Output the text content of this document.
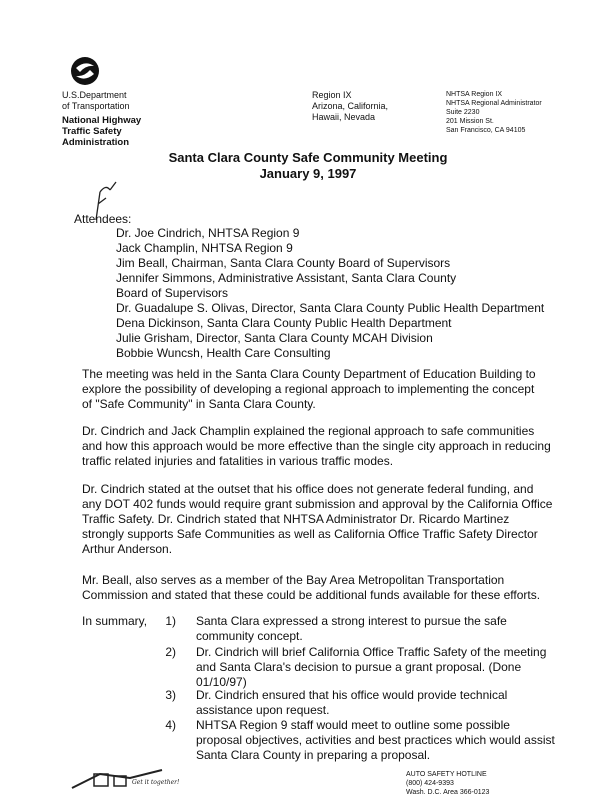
U.S.Department
of Transportation
National Highway
Traffic Safety
Administration
Region IX
Arizona, California,
Hawaii, Nevada
NHTSA Region IX
NHTSA Regional Administrator
Suite 2230
201 Mission St.
San Francisco, CA 94105
Santa Clara County Safe Community Meeting
January 9, 1997
Attendees:
Dr. Joe Cindrich, NHTSA Region 9
Jack Champlin, NHTSA Region 9
Jim Beall, Chairman, Santa Clara County Board of Supervisors
Jennifer Simmons, Administrative Assistant, Santa Clara County
Board of Supervisors
Dr. Guadalupe S. Olivas, Director, Santa Clara County Public Health Department
Dena Dickinson, Santa Clara County Public Health Department
Julie Grisham, Director, Santa Clara County MCAH Division
Bobbie Wuncsh, Health Care Consulting
The meeting was held in the Santa Clara County Department of Education Building to
explore the possibility of developing a regional approach to implementing the concept
of "Safe Community" in Santa Clara County.
Dr. Cindrich and Jack Champlin explained the regional approach to safe communities
and how this approach would be more effective than the single city approach in reducing
traffic related injuries and fatalities in various traffic modes.
Dr. Cindrich stated at the outset that his office does not generate federal funding, and
any DOT 402 funds would require grant submission and approval by the California Office
Traffic Safety. Dr. Cindrich stated that NHTSA Administrator Dr. Ricardo Martinez
strongly supports Safe Communities as well as California Office Traffic Safety Director
Arthur Anderson.
Mr. Beall, also serves as a member of the Bay Area Metropolitan Transportation
Commission and stated that these could be additional funds available for these efforts.
In summary,	1) Santa Clara expressed a strong interest to pursue the safe
community concept.
2) Dr. Cindrich will brief California Office Traffic Safety of the meeting
and Santa Clara's decision to pursue a grant proposal. (Done
01/10/97)
3) Dr. Cindrich ensured that his office would provide technical
assistance upon request.
4) NHTSA Region 9 staff would meet to outline some possible
proposal objectives, activities and best practices which would assist
Santa Clara County in preparing a proposal.
Get it together!
AUTO SAFETY HOTLINE
(800) 424-9393
Wash. D.C. Area 366-0123
